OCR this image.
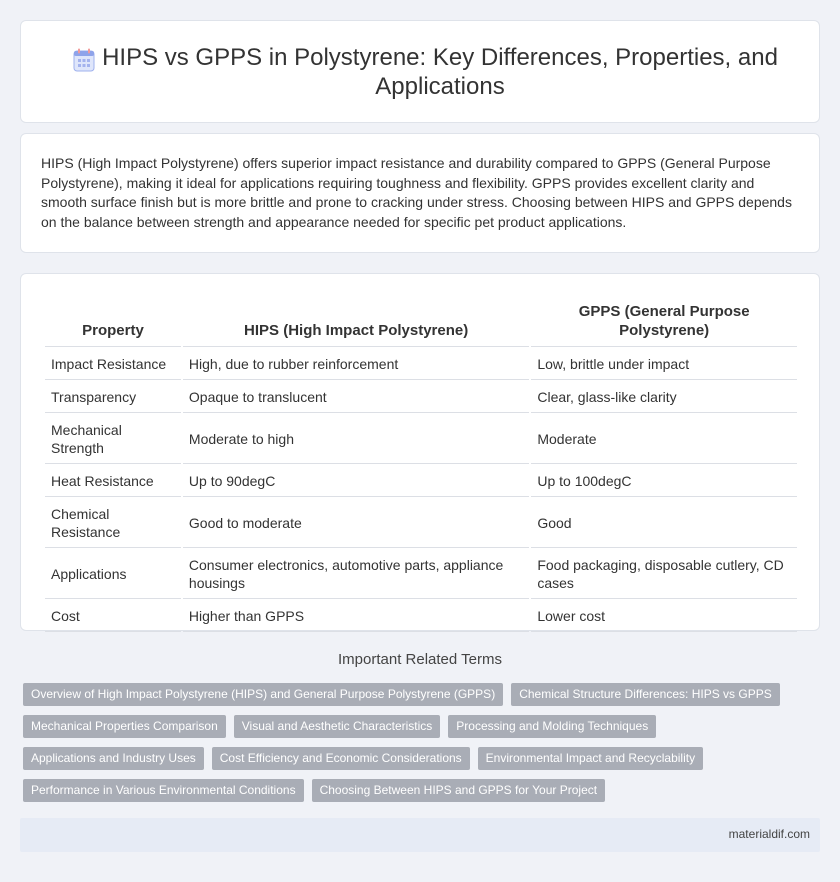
HIPS vs GPPS in Polystyrene: Key Differences, Properties, and Applications

HIPS (High Impact Polystyrene) offers superior impact resistance and durability compared to GPPS (General Purpose Polystyrene), making it ideal for applications requiring toughness and flexibility. GPPS provides excellent clarity and smooth surface finish but is more brittle and prone to cracking under stress. Choosing between HIPS and GPPS depends on the balance between strength and appearance needed for specific pet product applications.

Property	HIPS (High Impact Polystyrene)	GPPS (General Purpose Polystyrene)
Impact Resistance	High, due to rubber reinforcement	Low, brittle under impact
Transparency	Opaque to translucent	Clear, glass-like clarity
Mechanical Strength	Moderate to high	Moderate
Heat Resistance	Up to 90degC	Up to 100degC
Chemical Resistance	Good to moderate	Good
Applications	Consumer electronics, automotive parts, appliance housings	Food packaging, disposable cutlery, CD cases
Cost	Higher than GPPS	Lower cost
Important Related Terms
Overview of High Impact Polystyrene (HIPS) and General Purpose Polystyrene (GPPS)	Chemical Structure Differences: HIPS vs GPPS
Mechanical Properties Comparison	Visual and Aesthetic Characteristics	Processing and Molding Techniques
Applications and Industry Uses	Cost Efficiency and Economic Considerations	Environmental Impact and Recyclability
Performance in Various Environmental Conditions	Choosing Between HIPS and GPPS for Your Project
materialdif.com
